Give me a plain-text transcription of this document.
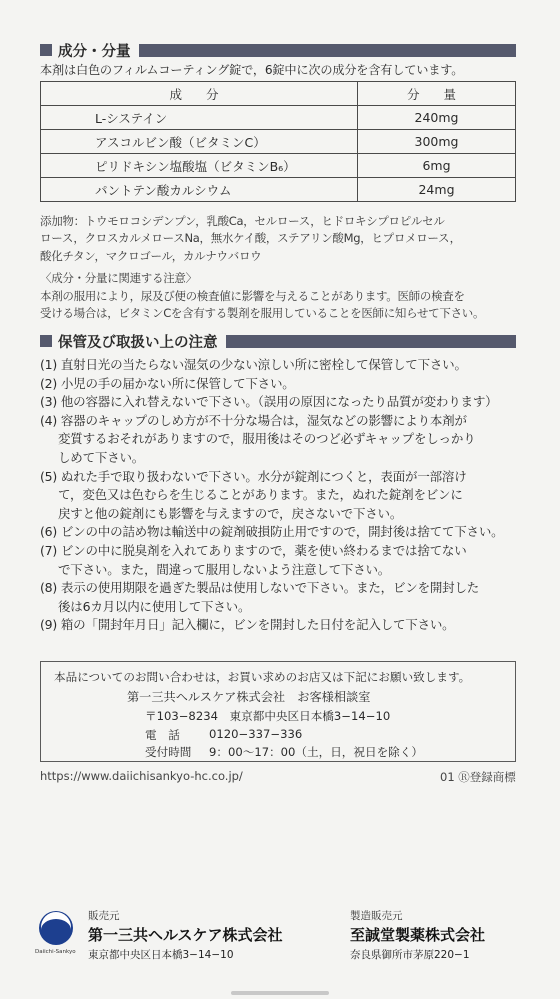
成分・分量
本剤は白色のフィルムコーティング錠で，6錠中に次の成分を含有しています。
成 分	分 量
L-システイン	240mg
アスコルビン酸（ビタミンC）	300mg
ピリドキシン塩酸塩（ビタミンB₆）	6mg
パントテン酸カルシウム	24mg
添加物：トウモロコシデンプン，乳酸Ca，セルロース，ヒドロキシプロピルセル
ロース，クロスカルメロースNa，無水ケイ酸，ステアリン酸Mg，ヒプロメロース，
酸化チタン，マクロゴール，カルナウバロウ
〈成分・分量に関連する注意〉
本剤の服用により，尿及び便の検査値に影響を与えることがあります。医師の検査を
受ける場合は，ビタミンCを含有する製剤を服用していることを医師に知らせて下さい。
保管及び取扱い上の注意
(1) 直射日光の当たらない湿気の少ない涼しい所に密栓して保管して下さい。
(2) 小児の手の届かない所に保管して下さい。
(3) 他の容器に入れ替えないで下さい。（誤用の原因になったり品質が変わります）
(4) 容器のキャップのしめ方が不十分な場合は，湿気などの影響により本剤が
変質するおそれがありますので，服用後はそのつど必ずキャップをしっかり
しめて下さい。
(5) ぬれた手で取り扱わないで下さい。水分が錠剤につくと，表面が一部溶け
て，変色又は色むらを生じることがあります。また，ぬれた錠剤をビンに
戻すと他の錠剤にも影響を与えますので，戻さないで下さい。
(6) ビンの中の詰め物は輸送中の錠剤破損防止用ですので，開封後は捨てて下さい。
(7) ビンの中に脱臭剤を入れてありますので，薬を使い終わるまでは捨てない
で下さい。また，間違って服用しないよう注意して下さい。
(8) 表示の使用期限を過ぎた製品は使用しないで下さい。また，ビンを開封した
後は6カ月以内に使用して下さい。
(9) 箱の「開封年月日」記入欄に，ビンを開封した日付を記入して下さい。
本品についてのお問い合わせは，お買い求めのお店又は下記にお願い致します。
第一三共ヘルスケア株式会社　お客様相談室
〒103−8234　東京都中央区日本橋3−14−10
電　話	0120−337−336
受付時間 9：00〜17：00（土，日，祝日を除く）
https://www.daiichisankyo-hc.co.jp/	01 Ⓡ登録商標
Daiichi-Sankyo
販売元
第一三共ヘルスケア株式会社
東京都中央区日本橋3−14−10
製造販売元
至誠堂製薬株式会社
奈良県御所市茅原220−1
